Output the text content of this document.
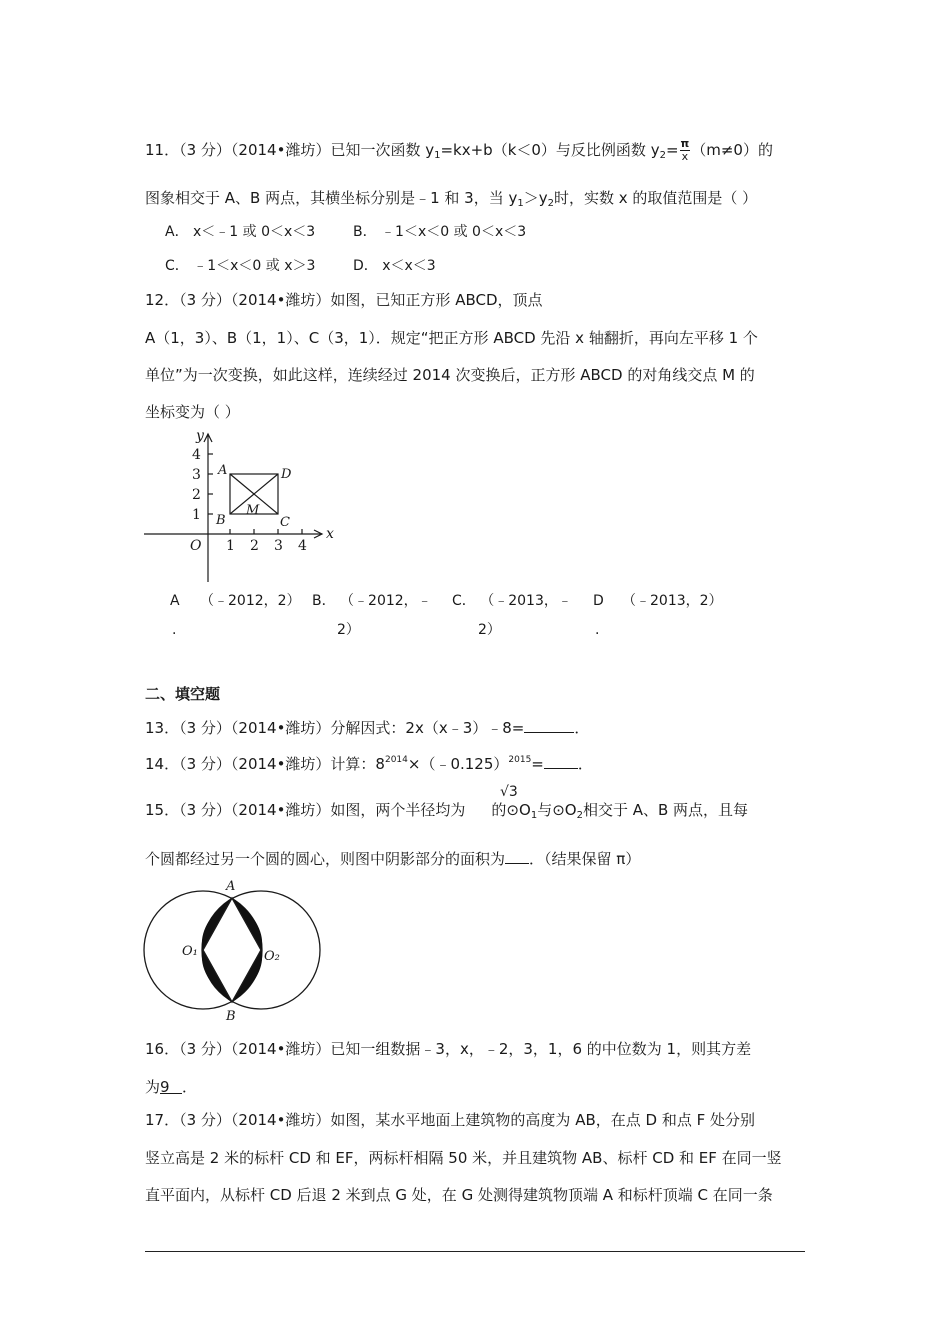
11．（3 分）（2014•潍坊）已知一次函数 $y_1=kx+b(k<0)$与反比例函数 $y_2= \frac{\pi}{x} (m\ne 0)$的
图象相交于 A、B 两点，其横坐标分别是﹣1 和 3，当 $y_1>y_2$时，实数 x 的取值范围是（ ）
A． x＜﹣1 或 0＜x＜3	B． ﹣1＜x＜0 或 0＜x＜3
C． ﹣1＜x＜0 或 x＞3	D． x＜x＜3
12．（3 分）（2014•潍坊）如图，已知正方形 ABCD，顶点
A（1，3）、B（1，1）、C（3，1）．规定“把正方形 ABCD 先沿 x 轴翻折，再向左平移 1 个
单位”为一次变换，如此这样，连续经过 2014 次变换后，正方形 ABCD 的对角线交点 M 的
坐标变为（ ）
x
y
O
1
2
3
4
1 2 3 4
A
B	C
D
M
A
.
（﹣2012，2） B． （﹣2012，﹣
2）
C． （﹣2013，﹣
2）
D
.
（﹣2013，2）
二、填空题
13．（3 分）（2014•潍坊）分解因式：2x（x﹣3）﹣8=	．
14．（3 分）（2014•潍坊）计算：$8^{2014}\times(﹣0.125)^{2015}=$ ．
√3
15．（3 分）（2014•潍坊）如图，两个半径均为 的$⊙O_1$与$⊙O_2$相交于 A、B 两点，且每
个圆都经过另一个圆的圆心，则图中阴影部分的面积为 ．（结果保留 π）
A
B
O₁	O₂
16．（3 分）（2014•潍坊）已知一组数据﹣3，x，﹣2，3，1，6 的中位数为 1，则其方差
为9 ．
17．（3 分）（2014•潍坊）如图，某水平地面上建筑物的高度为 AB，在点 D 和点 F 处分别
竖立高是 2 米的标杆 CD 和 EF，两标杆相隔 50 米，并且建筑物 AB、标杆 CD 和 EF 在同一竖
直平面内，从标杆 CD 后退 2 米到点 G 处，在 G 处测得建筑物顶端 A 和标杆顶端 C 在同一条
